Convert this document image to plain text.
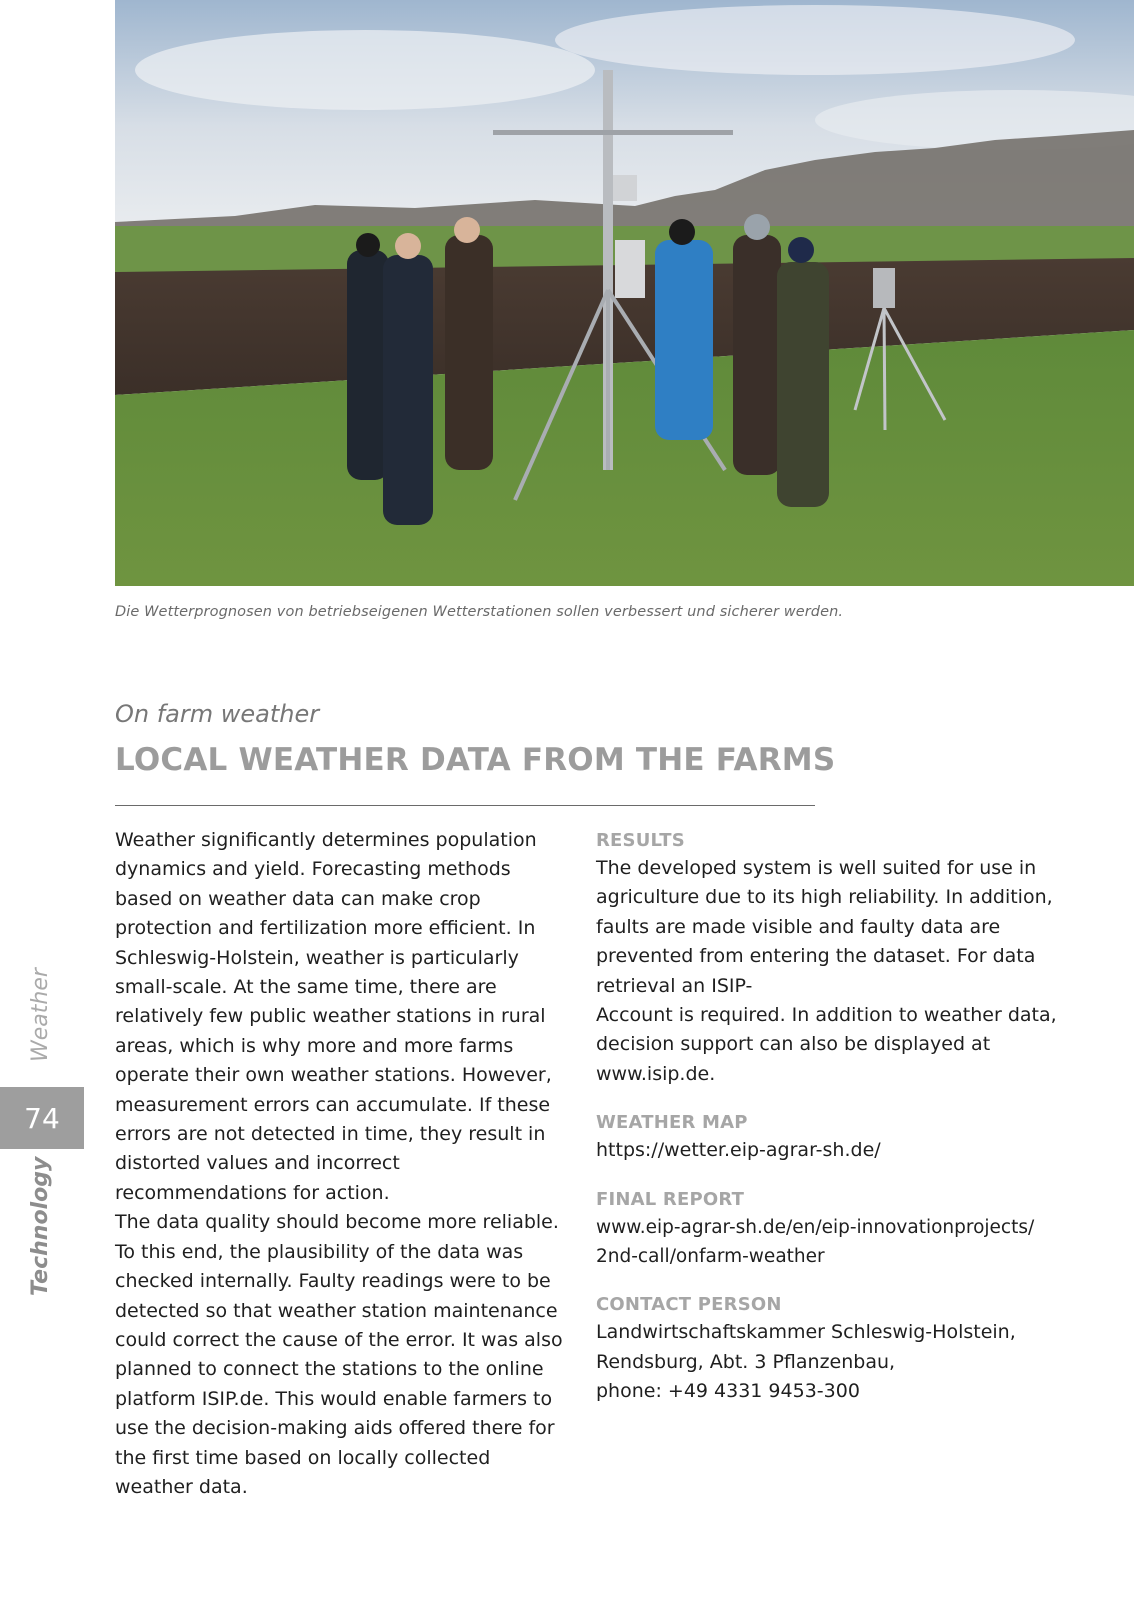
Die Wetterprognosen von betriebseigenen Wetterstationen sollen verbessert und sicherer werden.
On farm weather
LOCAL WEATHER DATA FROM THE FARMS

Weather significantly determines population dynamics and yield. Forecasting methods based on weather data can make crop protection and fertilization more efficient. In Schleswig-Holstein, weather is particularly small-scale. At the same time, there are relatively few public weather stations in rural areas, which is why more and more farms operate their own weather stations. However, measurement errors can accumulate. If these errors are not detected in time, they result in distorted values and incorrect recommendations for action.

The data quality should become more reliable. To this end, the plausibility of the data was checked internally. Faulty readings were to be detected so that weather station maintenance could correct the cause of the error. It was also planned to connect the stations to the online platform ISIP.de. This would enable farmers to use the decision-making aids offered there for the first time based on locally collected weather data.

RESULTS

The developed system is well suited for use in agriculture due to its high reliability. In addition, faults are made visible and faulty data are prevented from entering the dataset. For data retrieval an ISIP-
Account is required. In addition to weather data, decision support can also be displayed at www.isip.de.

WEATHER MAP

https://wetter.eip-agrar-sh.de/

FINAL REPORT

www.eip-agrar-sh.de/en/eip-innovationprojects/
2nd-call/onfarm-weather

CONTACT PERSON

Landwirtschaftskammer Schleswig-Holstein,
Rendsburg, Abt. 3 Pflanzenbau,
phone: +49 4331 9453-300

Weather
74
Technology
